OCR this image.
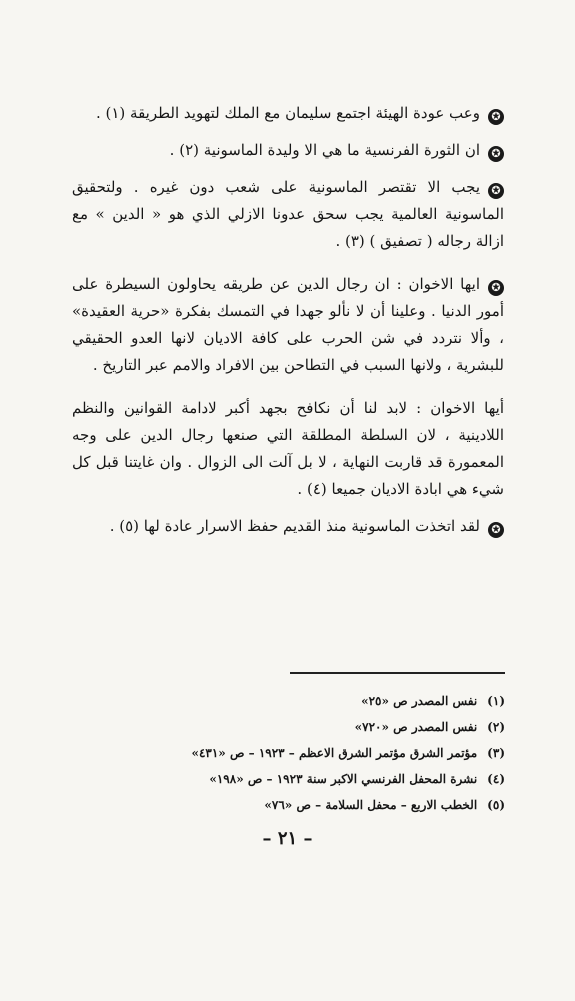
✪وعب عودة الهيئة اجتمع سليمان مع الملك لتهويد الطريقة (١) .

✪ان الثورة الفرنسية ما هي الا وليدة الماسونية (٢) .

✪يجب الا تقتصر الماسونية على شعب دون غيره . ولتحقيق الماسونية العالمية يجب سحق عدونا الازلي الذي هو « الدين » مع ازالة رجاله ( تصفيق ) (٣) .

✪ايها الاخوان : ان رجال الدين عن طريقه يحاولون السيطرة على أمور الدنيا . وعلينا أن لا نألو جهدا في التمسك بفكرة «حرية العقيدة» ، وألا نتردد في شن الحرب على كافة الاديان لانها العدو الحقيقي للبشرية ، ولانها السبب في التطاحن بين الافراد والامم عبر التاريخ .

أيها الاخوان : لابد لنا أن نكافح بجهد أكبر لادامة القوانين والنظم اللادينية ، لان السلطة المطلقة التي صنعها رجال الدين على وجه المعمورة قد قاربت النهاية ، لا بل آلت الى الزوال . وان غايتنا قبل كل شيء هي ابادة الاديان جميعا (٤) .

✪لقد اتخذت الماسونية منذ القديم حفظ الاسرار عادة لها (٥) .

(١)نفس المصدر ص «٢٥»
(٢)نفس المصدر ص «٧٢٠»
(٣)مؤتمر الشرق مؤتمر الشرق الاعظم – ١٩٢٣ – ص «٤٣١»
(٤)نشرة المحفل الفرنسي الاكبر سنة ١٩٢٣ – ص «١٩٨»
(٥)الخطب الاربع – محفل السلامة – ص «٧٦»
– ٢١ –
